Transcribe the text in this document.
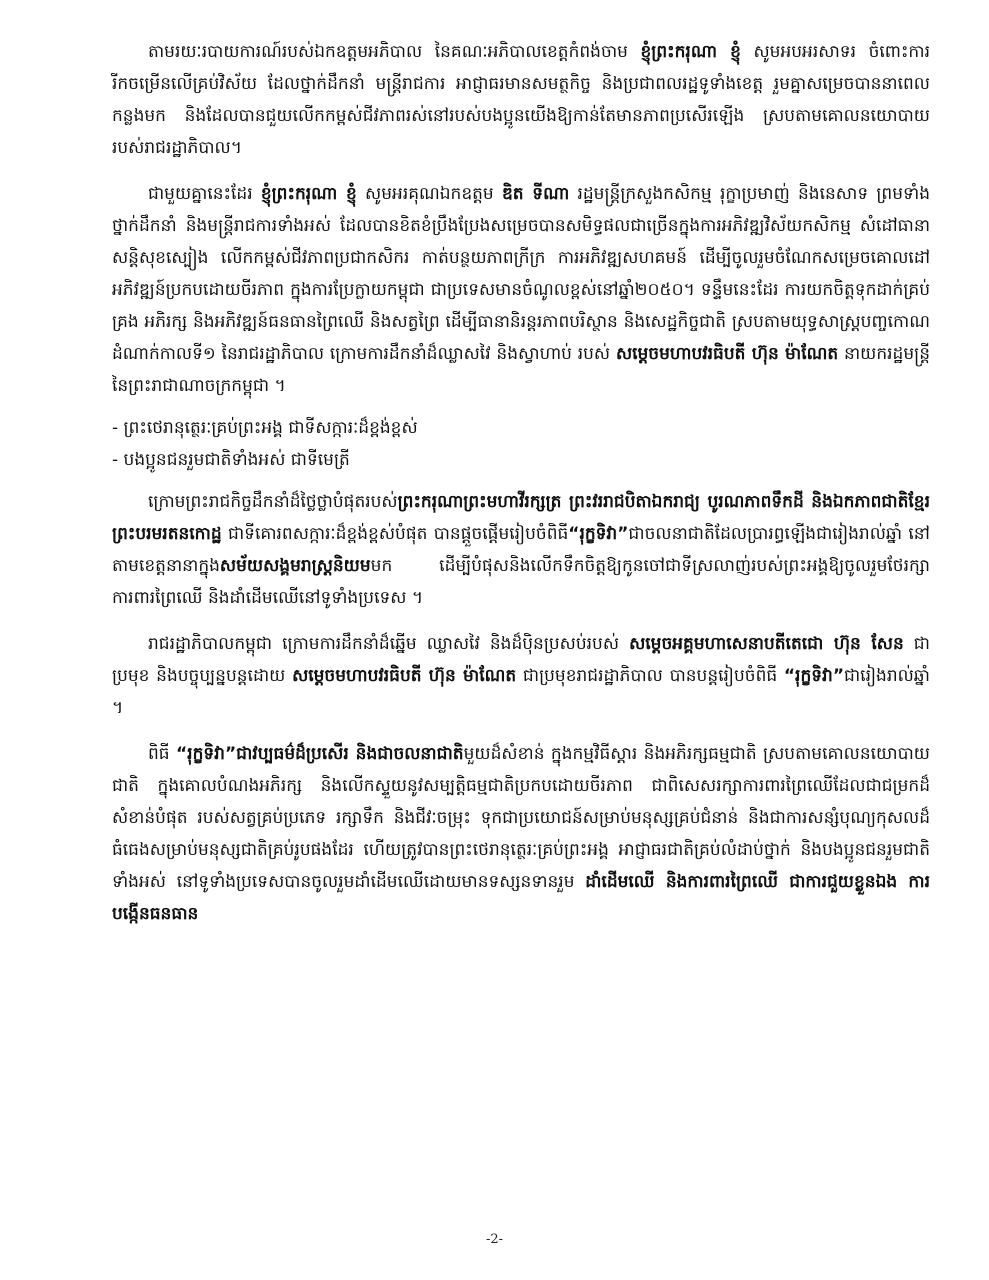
តាមរយៈរបាយការណ៍របស់ឯកឧត្តមអភិបាល នៃគណៈអភិបាលខេត្តកំពង់ចាម ខ្ញុំព្រះករុណា ខ្ញុំ សូមអបអរសាទរ ចំពោះការរីកចម្រើនលើគ្រប់វិស័យ ដែលថ្នាក់ដឹកនាំ មន្ត្រីរាជការ អាជ្ញាធរមានសមត្ថកិច្ច និងប្រជាពលរដ្ឋទូទាំងខេត្ត រួមគ្នាសម្រេចបាននាពេលកន្លងមក និងដែលបានជួយលើកកម្ពស់ជីវភាពរស់នៅរបស់បងប្អូនយើងឱ្យកាន់តែមានភាពប្រសើរឡើង ស្របតាមគោលនយោបាយរបស់រាជរដ្ឋាភិបាល។

ជាមួយគ្នានេះដែរ ខ្ញុំព្រះករុណា ខ្ញុំ សូមអរគុណឯកឧត្តម ឌិត ទីណា រដ្ឋមន្ត្រីក្រសួងកសិកម្ម រុក្ខាប្រមាញ់ និងនេសាទ ព្រមទាំងថ្នាក់ដឹកនាំ និងមន្ត្រីរាជការទាំងអស់ ដែលបានខិតខំប្រឹងប្រែងសម្រេចបានសមិទ្ធផលជាច្រើនក្នុងការអភិវឌ្ឍវិស័យកសិកម្ម សំដៅធានាសន្តិសុខស្បៀង លើកកម្ពស់ជីវភាពប្រជាកសិករ កាត់បន្ថយភាពក្រីក្រ ការអភិវឌ្ឍសហគមន៍ ដើម្បីចូលរួមចំណែកសម្រេចគោលដៅអភិវឌ្ឍន៍ប្រកបដោយចីរភាព ក្នុងការប្រែក្លាយកម្ពុជា ជាប្រទេសមានចំណូលខ្ពស់នៅឆ្នាំ២០៥០។ ទន្ទឹមនេះដែរ ការយកចិត្តទុកដាក់គ្រប់គ្រង អភិរក្ស និងអភិវឌ្ឍន៍ធនធានព្រៃឈើ និងសត្វព្រៃ ដើម្បីធានានិរន្តរភាពបរិស្ថាន និងសេដ្ឋកិច្ចជាតិ ស្របតាមយុទ្ធសាស្ត្របញ្ចកោណដំណាក់កាលទី១ នៃរាជរដ្ឋាភិបាល ក្រោមការដឹកនាំដ៏ឈ្លាសវៃ និងស្វាហាប់ របស់ សម្តេចមហាបវរធិបតី ហ៊ុន ម៉ាណែត នាយករដ្ឋមន្ត្រី នៃព្រះរាជាណាចក្រកម្ពុជា ។

- ព្រះថេរានុត្ថេរៈគ្រប់ព្រះអង្គ ជាទីសក្ការៈដ៏ខ្ពង់ខ្ពស់

- បងប្អូនជនរួមជាតិទាំងអស់ ជាទីមេត្រី

ក្រោមព្រះរាជកិច្ចដឹកនាំដ៏ថ្លៃថ្លាបំផុតរបស់ព្រះករុណាព្រះមហាវីរក្សត្រ ព្រះវររាជបិតាឯករាជ្យ បូរណភាពទឹកដី និងឯកភាពជាតិខ្មែរ ព្រះបរមរតនកោដ្ឋ ជាទីគោរពសក្ការៈដ៏ខ្ពង់ខ្ពស់បំផុត បានផ្តួចផ្តើមរៀបចំពិធី“រុក្ខទិវា”ជាចលនាជាតិដែលប្រារព្ធឡើងជារៀងរាល់ឆ្នាំ នៅតាមខេត្តនានាក្នុងសម័យសង្គមរាស្ត្រនិយមមក ដើម្បីបំផុសនិងលើកទឹកចិត្តឱ្យកូនចៅជាទីស្រលាញ់របស់ព្រះអង្គឱ្យចូលរួមថែរក្សា ការពារព្រៃឈើ និងដាំដើមឈើនៅទូទាំងប្រទេស ។

រាជរដ្ឋាភិបាលកម្ពុជា ក្រោមការដឹកនាំដ៏ឆ្នើម ឈ្លាសវៃ និងដ៏ប៉ិនប្រសប់របស់ សម្តេចអគ្គមហាសេនាបតីតេជោ ហ៊ុន សែន ជាប្រមុខ និងបច្ចុប្បន្នបន្តដោយ សម្តេចមហាបវរធិបតី ហ៊ុន ម៉ាណែត ជាប្រមុខរាជរដ្ឋាភិបាល បានបន្តរៀបចំពិធី “រុក្ខទិវា”ជារៀងរាល់ឆ្នាំ ។

ពិធី “រុក្ខទិវា”ជាវប្បធម៌ដ៏ប្រសើរ និងជាចលនាជាតិមួយដ៏សំខាន់ ក្នុងកម្មវិធីស្តារ និងអភិរក្សធម្មជាតិ ស្របតាមគោលនយោបាយជាតិ ក្នុងគោលបំណងអភិរក្ស និងលើកស្ទួយនូវសម្បត្តិធម្មជាតិប្រកបដោយចីរភាព ជាពិសេសរក្សាការពារព្រៃឈើដែលជាជម្រកដ៏សំខាន់បំផុត របស់សត្វគ្រប់ប្រភេទ រក្សាទឹក និងជីវៈចម្រុះ ទុកជាប្រយោជន៍សម្រាប់មនុស្សគ្រប់ជំនាន់ និងជាការសន្សំបុណ្យកុសលដ៏ធំធេងសម្រាប់មនុស្សជាតិគ្រប់រូបផងដែរ ហើយត្រូវបានព្រះថេរានុត្ថេរៈគ្រប់ព្រះអង្គ អាជ្ញាធរជាតិគ្រប់លំដាប់ថ្នាក់ និងបងប្អូនជនរួមជាតិទាំងអស់ នៅទូទាំងប្រទេសបានចូលរួមដាំដើមឈើដោយមានទស្សនទានរួម ដាំដើមឈើ និងការពារព្រៃឈើ ជាការជួយខ្លួនឯង ការបង្កើនធនធាន

-2-
